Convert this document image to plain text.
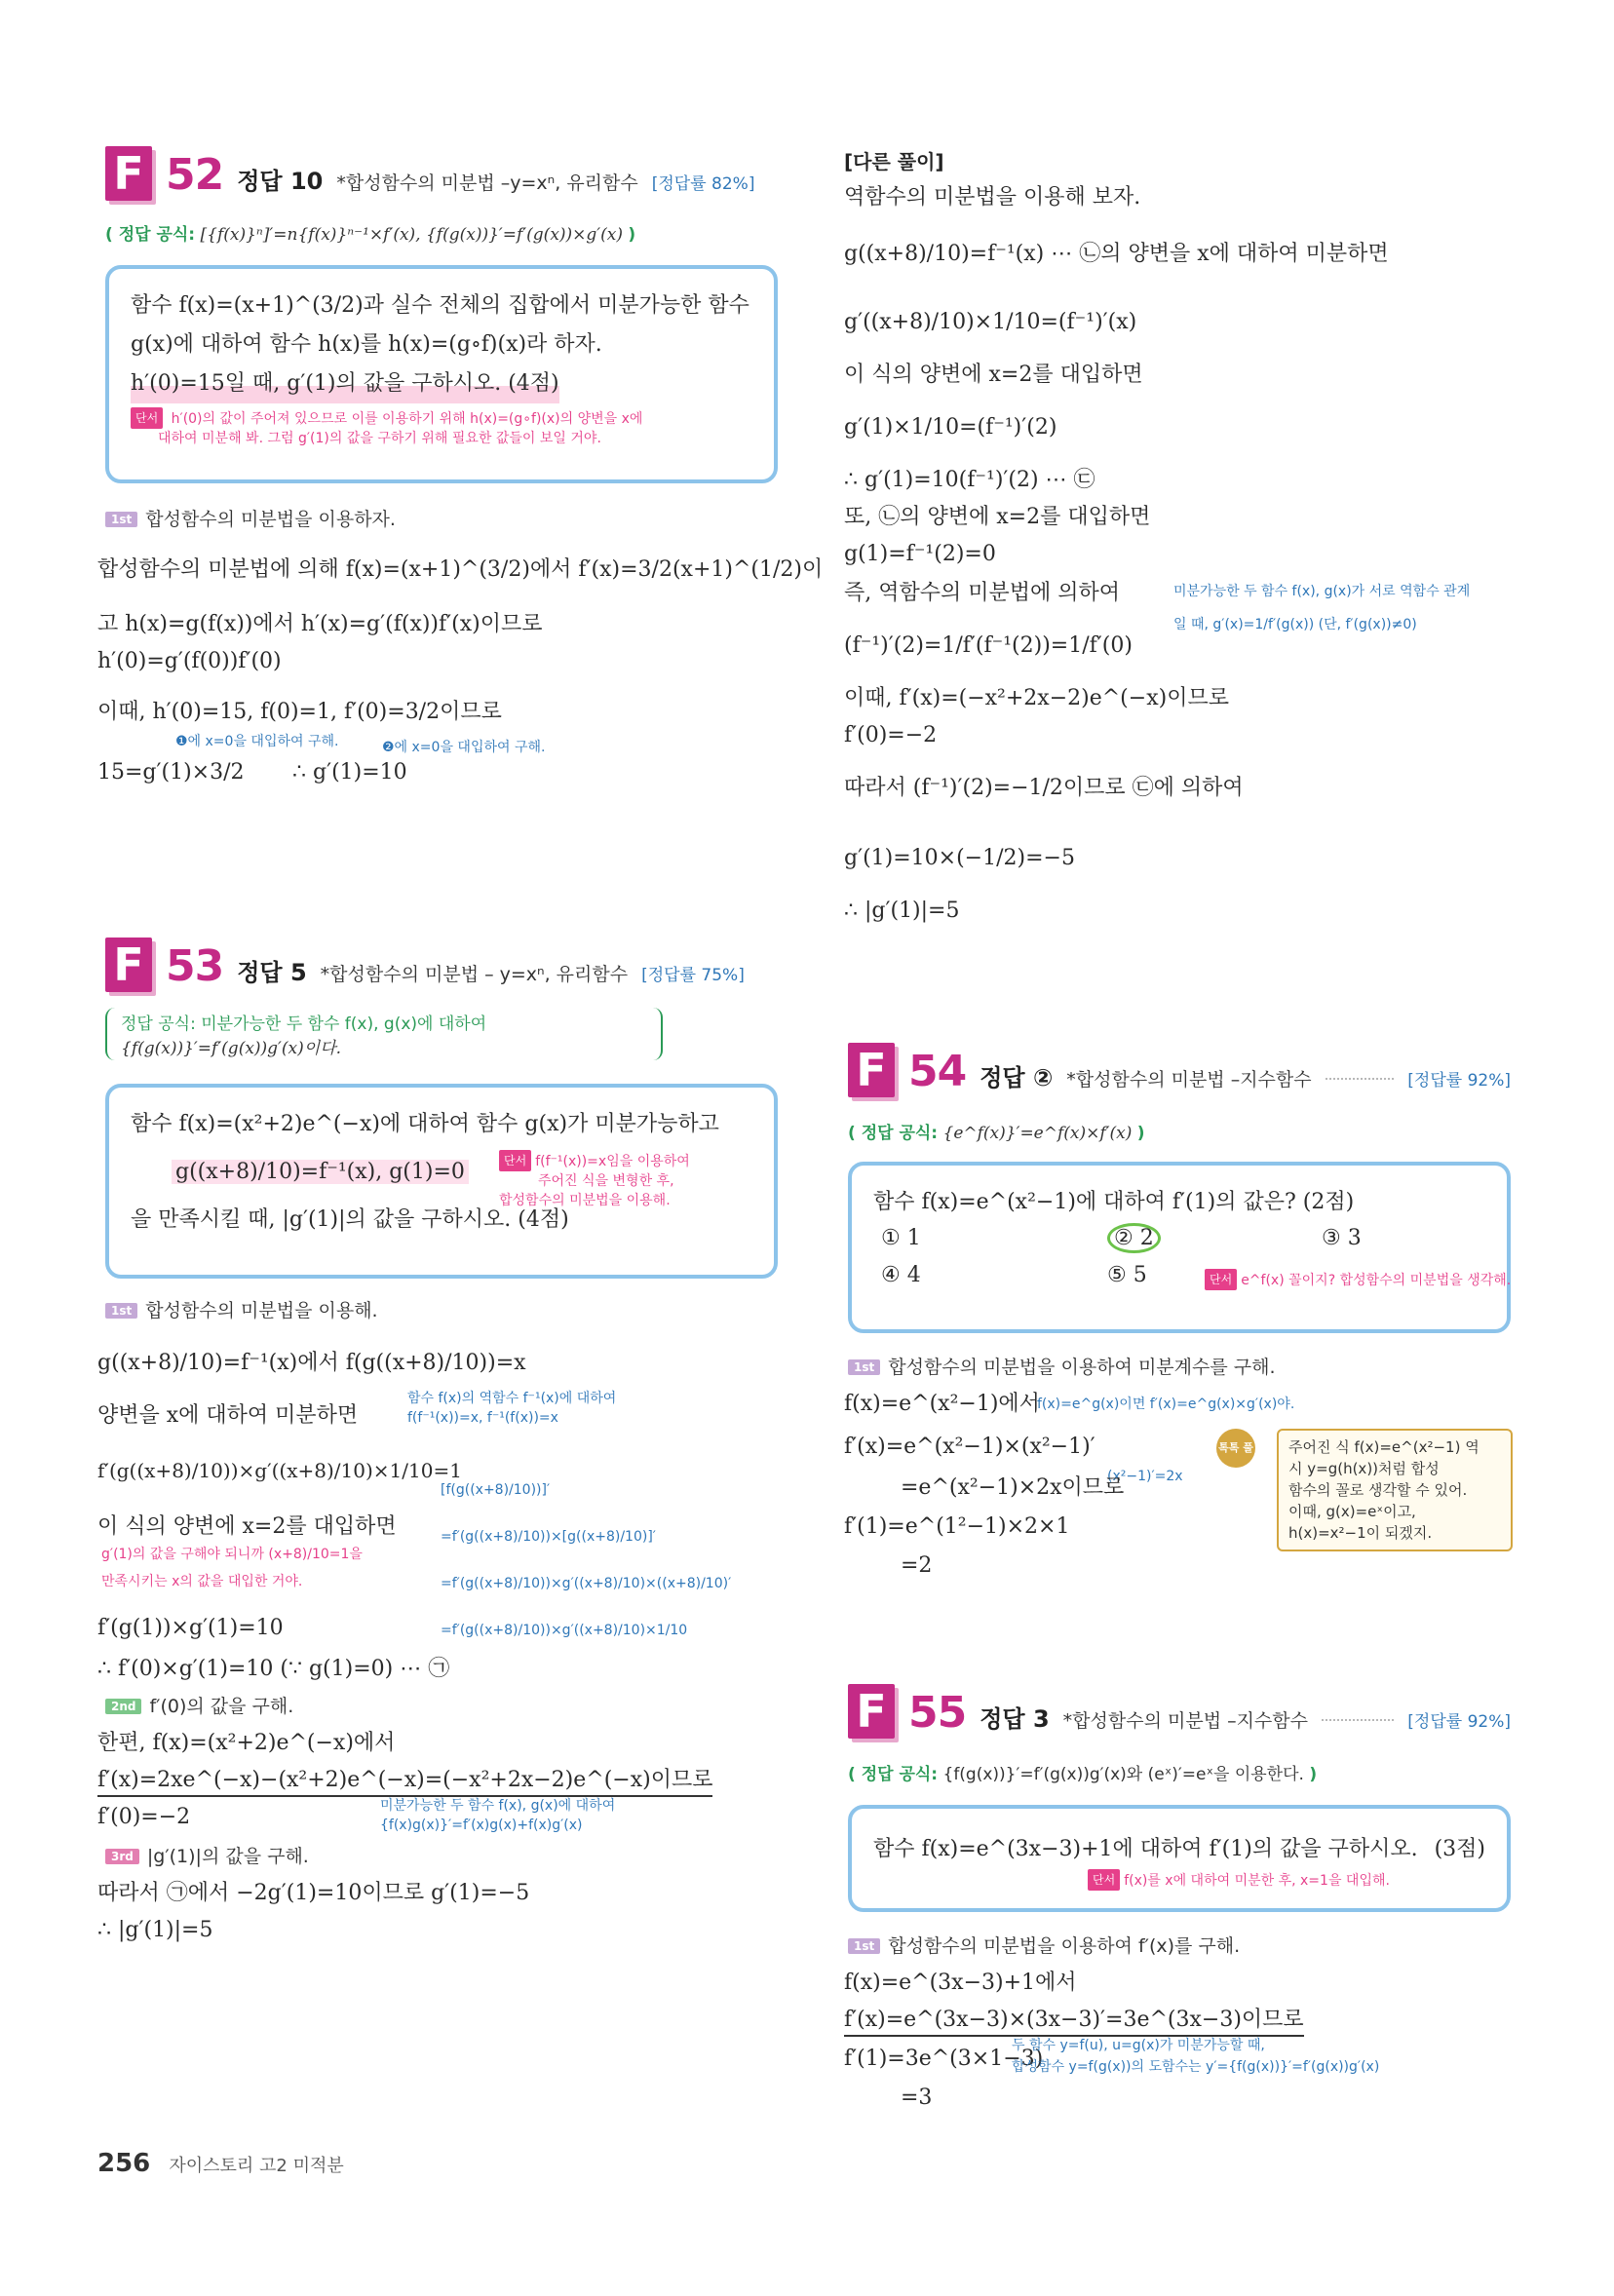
F 52 정답 10 *합성함수의 미분법 –y=xⁿ, 유리함수 [정답률 82%]
( 정답 공식: [{f(x)}ⁿ]′=n{f(x)}ⁿ⁻¹×f′(x), {f(g(x))}′=f′(g(x))×g′(x) )
함수 f(x)=(x+1)^(3/2)과 실수 전체의 집합에서 미분가능한 함수
g(x)에 대하여 함수 h(x)를 h(x)=(g∘f)(x)라 하자.
h′(0)=15일 때, g′(1)의 값을 구하시오. (4점)
단서 h′(0)의 값이 주어져 있으므로 이를 이용하기 위해 h(x)=(g∘f)(x)의 양변을 x에
대하여 미분해 봐. 그럼 g′(1)의 값을 구하기 위해 필요한 값들이 보일 거야.
1st 합성함수의 미분법을 이용하자.
합성함수의 미분법에 의해 f(x)=(x+1)^(3/2)에서 f′(x)=3/2(x+1)^(1/2)이
고 h(x)=g(f(x))에서 h′(x)=g′(f(x))f′(x)이므로
h′(0)=g′(f(0))f′(0)
이때, h′(0)=15, f(0)=1, f′(0)=3/2이므로
❶에 x=0을 대입하여 구해.	❷에 x=0을 대입하여 구해.
15=g′(1)×3/2 ∴ g′(1)=10
F 53 정답 5 *합성함수의 미분법 – y=xⁿ, 유리함수 [정답률 75%]
정답 공식: 미분가능한 두 함수 f(x), g(x)에 대하여
{f(g(x))}′=f′(g(x))g′(x)이다.
함수 f(x)=(x²+2)e^(−x)에 대하여 함수 g(x)가 미분가능하고
g((x+8)/10)=f⁻¹(x), g(1)=0
을 만족시킬 때, |g′(1)|의 값을 구하시오. (4점)
단서 f(f⁻¹(x))=x임을 이용하여
주어진 식을 변형한 후,
합성함수의 미분법을 이용해.
1st 합성함수의 미분법을 이용해.
g((x+8)/10)=f⁻¹(x)에서 f(g((x+8)/10))=x
양변을 x에 대하여 미분하면
함수 f(x)의 역함수 f⁻¹(x)에 대하여
f(f⁻¹(x))=x, f⁻¹(f(x))=x
f′(g((x+8)/10))×g′((x+8)/10)×1/10=1
이 식의 양변에 x=2를 대입하면
g′(1)의 값을 구해야 되니까 (x+8)/10=1을
만족시키는 x의 값을 대입한 거야.
[f(g((x+8)/10))]′
=f′(g((x+8)/10))×[g((x+8)/10)]′
=f′(g((x+8)/10))×g′((x+8)/10)×((x+8)/10)′
=f′(g((x+8)/10))×g′((x+8)/10)×1/10
f′(g(1))×g′(1)=10
∴ f′(0)×g′(1)=10 (∵ g(1)=0) ⋯ ㉠
2nd f′(0)의 값을 구해.
한편, f(x)=(x²+2)e^(−x)에서
f′(x)=2xe^(−x)−(x²+2)e^(−x)=(−x²+2x−2)e^(−x)이므로
f′(0)=−2	미분가능한 두 함수 f(x), g(x)에 대하여
{f(x)g(x)}′=f′(x)g(x)+f(x)g′(x)
3rd |g′(1)|의 값을 구해.
따라서 ㉠에서 −2g′(1)=10이므로 g′(1)=−5
∴ |g′(1)|=5
[다른 풀이]
역함수의 미분법을 이용해 보자.
g((x+8)/10)=f⁻¹(x) ⋯ ㉡의 양변을 x에 대하여 미분하면
g′((x+8)/10)×1/10=(f⁻¹)′(x)
이 식의 양변에 x=2를 대입하면
g′(1)×1/10=(f⁻¹)′(2)
∴ g′(1)=10(f⁻¹)′(2) ⋯ ㉢
또, ㉡의 양변에 x=2를 대입하면
g(1)=f⁻¹(2)=0
즉, 역함수의 미분법에 의하여	미분가능한 두 함수 f(x), g(x)가 서로 역함수 관계
일 때, g′(x)=1/f′(g(x)) (단, f′(g(x))≠0)
(f⁻¹)′(2)=1/f′(f⁻¹(2))=1/f′(0)
이때, f′(x)=(−x²+2x−2)e^(−x)이므로
f′(0)=−2
따라서 (f⁻¹)′(2)=−1/2이므로 ㉢에 의하여
g′(1)=10×(−1/2)=−5
∴ |g′(1)|=5
F 54 정답 ② *합성함수의 미분법 –지수함수	[정답률 92%]
( 정답 공식: {e^f(x)}′=e^f(x)×f′(x) )
함수 f(x)=e^(x²−1)에 대하여 f′(1)의 값은? (2점)
① 1	② 2	③ 3
④ 4	⑤ 5	단서 e^f(x) 꼴이지? 합성함수의 미분법을 생각해.
1st 합성함수의 미분법을 이용하여 미분계수를 구해.
f(x)=e^(x²−1)에서
f(x)=e^g(x)이면 f′(x)=e^g(x)×g′(x)야.
f′(x)=e^(x²−1)×(x²−1)′
(x²−1)′=2x
=e^(x²−1)×2x이므로
f′(1)=e^(1²−1)×2×1
=2
톡톡 풀이
주어진 식 f(x)=e^(x²−1) 역
시 y=g(h(x))처럼 합성
함수의 꼴로 생각할 수 있어.
이때, g(x)=eˣ이고,
h(x)=x²−1이 되겠지.
F 55 정답 3 *합성함수의 미분법 –지수함수	[정답률 92%]
( 정답 공식: {f(g(x))}′=f′(g(x))g′(x)와 (eˣ)′=eˣ을 이용한다. )
함수 f(x)=e^(3x−3)+1에 대하여 f′(1)의 값을 구하시오. (3점)
단서 f(x)를 x에 대하여 미분한 후, x=1을 대입해.
1st 합성함수의 미분법을 이용하여 f′(x)를 구해.
f(x)=e^(3x−3)+1에서
f′(x)=e^(3x−3)×(3x−3)′=3e^(3x−3)이므로
f′(1)=3e^(3×1−3)
두 함수 y=f(u), u=g(x)가 미분가능할 때,
합성함수 y=f(g(x))의 도함수는 y′={f(g(x))}′=f′(g(x))g′(x)
=3
256 자이스토리 고2 미적분
